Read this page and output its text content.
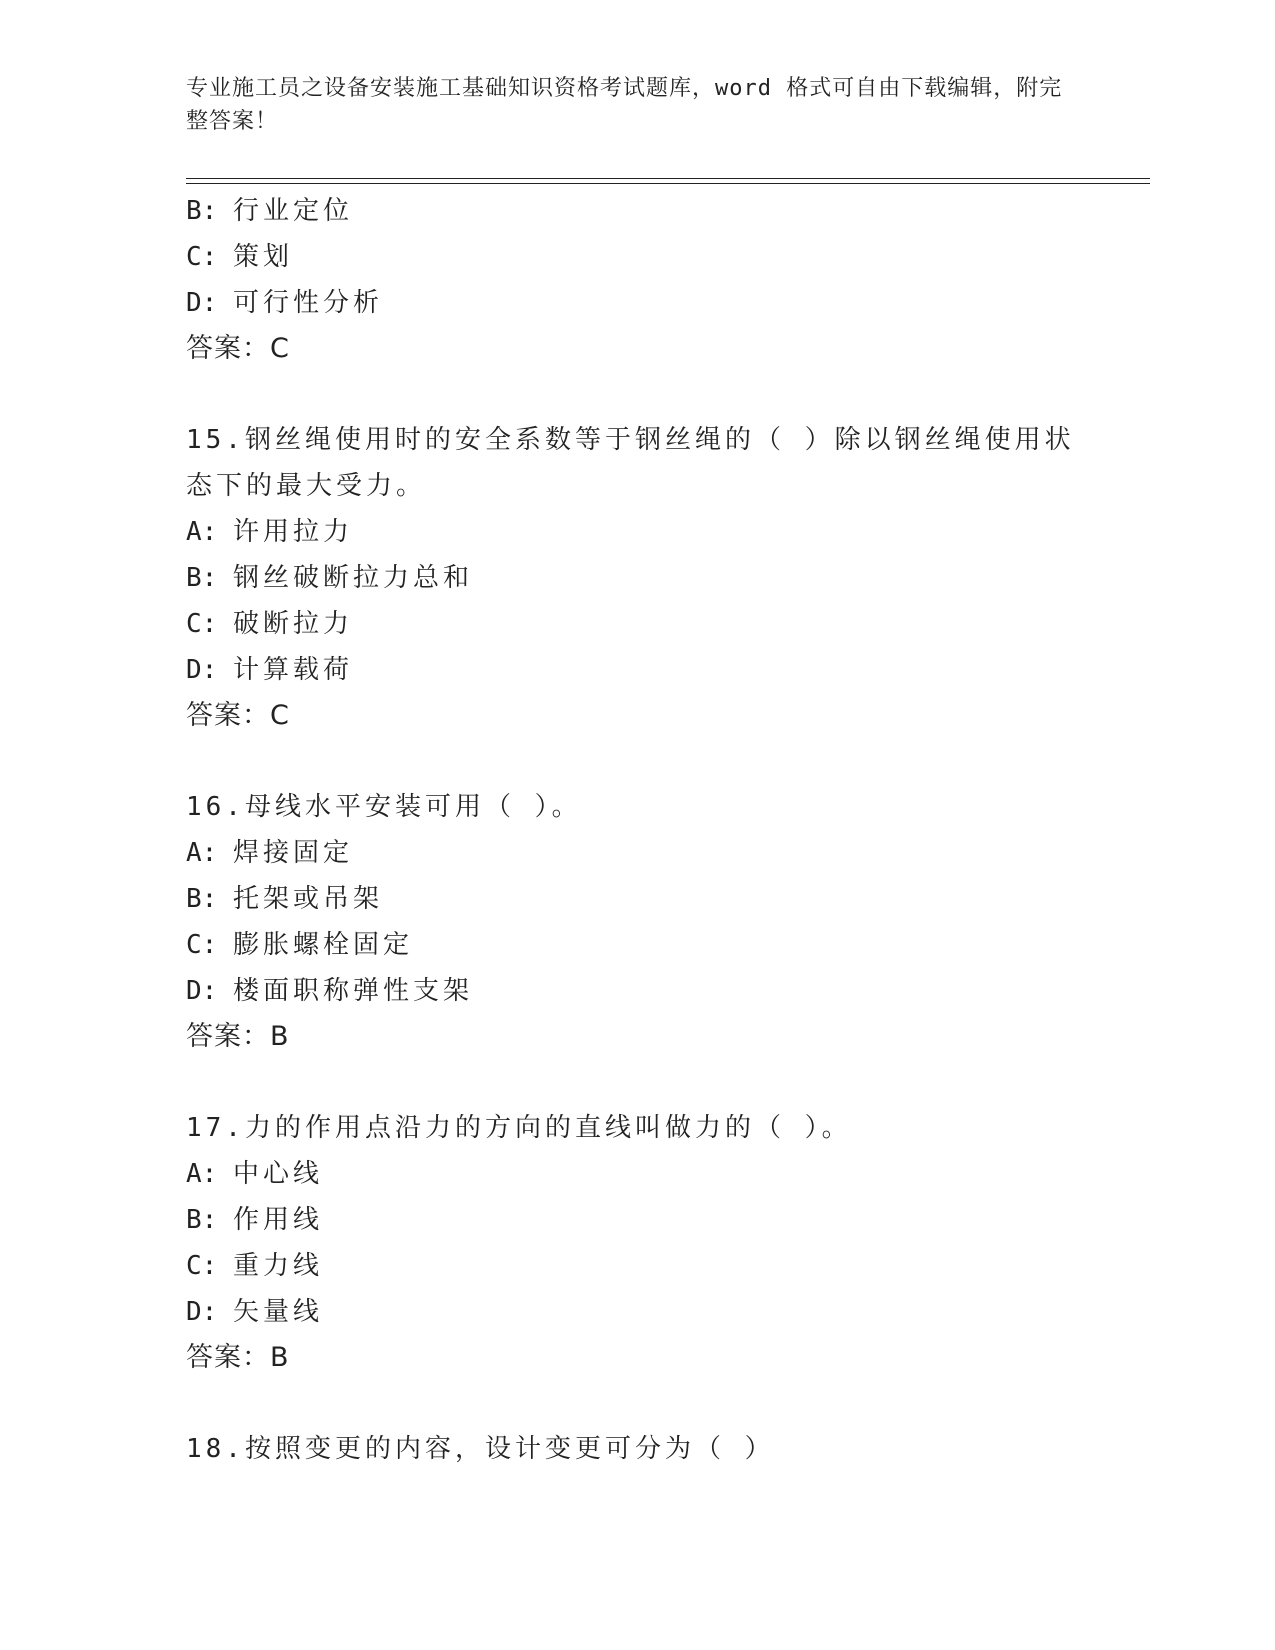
专业施工员之设备安装施工基础知识资格考试题库，word 格式可自由下载编辑，附完整答案！

B: 行业定位

C: 策划

D: 可行性分析

答案：C

15.钢丝绳使用时的安全系数等于钢丝绳的（ ）除以钢丝绳使用状态下的最大受力。

A: 许用拉力

B: 钢丝破断拉力总和

C: 破断拉力

D: 计算载荷

答案：C

16.母线水平安装可用（ ）。

A: 焊接固定

B: 托架或吊架

C: 膨胀螺栓固定

D: 楼面职称弹性支架

答案：B

17.力的作用点沿力的方向的直线叫做力的（ ）。

A: 中心线

B: 作用线

C: 重力线

D: 矢量线

答案：B

18.按照变更的内容，设计变更可分为（ ）
